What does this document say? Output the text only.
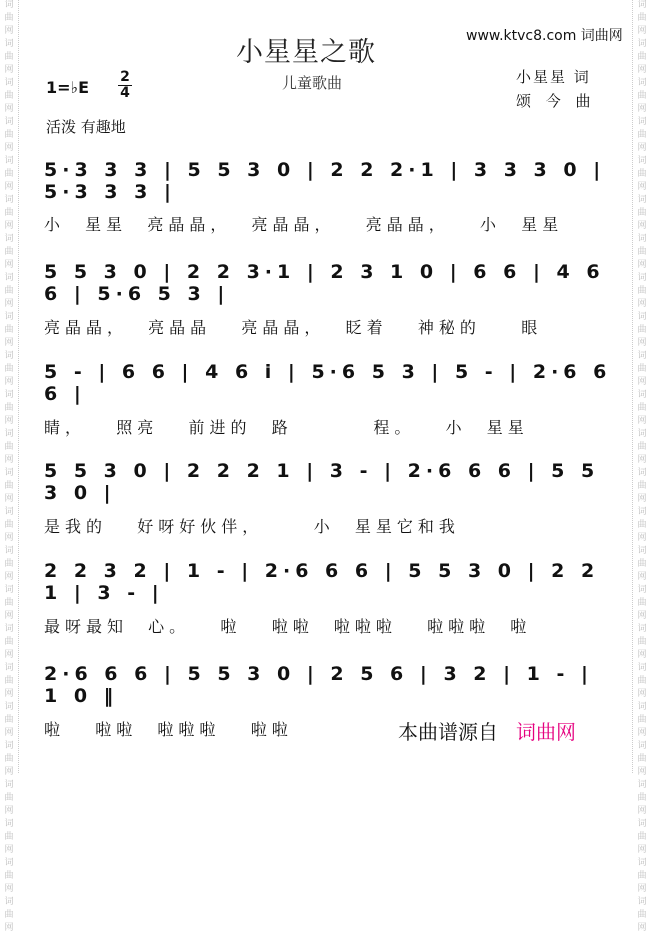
词
曲
网
词
曲
网
词
曲
网
词
曲
网
词
曲
网
词
曲
网
词
曲
网
词
曲
网
词
曲
网
词
曲
网
词
曲
网
词
曲
网
词
曲
网
词
曲
网
词
曲
网
词
曲
网
词
曲
网
词
曲
网
词
曲
网
词
曲
网
词
曲
网
词
曲
网
词
曲
网
词
曲
网
词
曲
网
词
曲
网
词
曲
网
词
曲
网
词
曲
网
词
曲
网
词
曲
网
词
曲
网
词
曲
网
词
曲
网
词
曲
网
词
曲
网
词
曲
网
词
曲
网
词
曲
网
词
曲
网
词
曲
网
词
曲
网
词
曲
网
词
曲
网
词
曲
网
词
曲
网
词
曲
网
词
曲
网
小星星之歌
儿童歌曲
www.ktvc8.com 词曲网
小星星 词
颂 今 曲
1=♭E
2
4
活泼 有趣地
5·3 3 3 | 5 5 3 0 | 2 2 2·1 | 3 3 3 0 | 5·3 3 3 |
小  星星  亮晶晶，  亮晶晶，   亮晶晶，   小  星星
5 5 3 0 | 2 2 3·1 | 2 3 1 0 | 6 6 | 4 6 6 | 5·6 5 3 |
亮晶晶，  亮晶晶   亮晶晶，  眨着   神秘的    眼
5 - | 6 6 | 4 6 i | 5·6 5 3 | 5 - | 2·6 6 6 |
睛，   照亮   前进的  路        程。   小  星星
5 5 3 0 | 2 2 2 1 | 3 - | 2·6 6 6 | 5 5 3 0 |
是我的   好呀好伙伴，     小  星星它和我
2 2 3 2 | 1 - | 2·6 6 6 | 5 5 3 0 | 2 2 1 | 3 - |
最呀最知  心。   啦   啦啦  啦啦啦   啦啦啦  啦
2·6 6 6 | 5 5 3 0 | 2 5 6 | 3 2 | 1 - | 1 0 ‖
啦   啦啦  啦啦啦   啦啦	本曲谱源自 词曲网
